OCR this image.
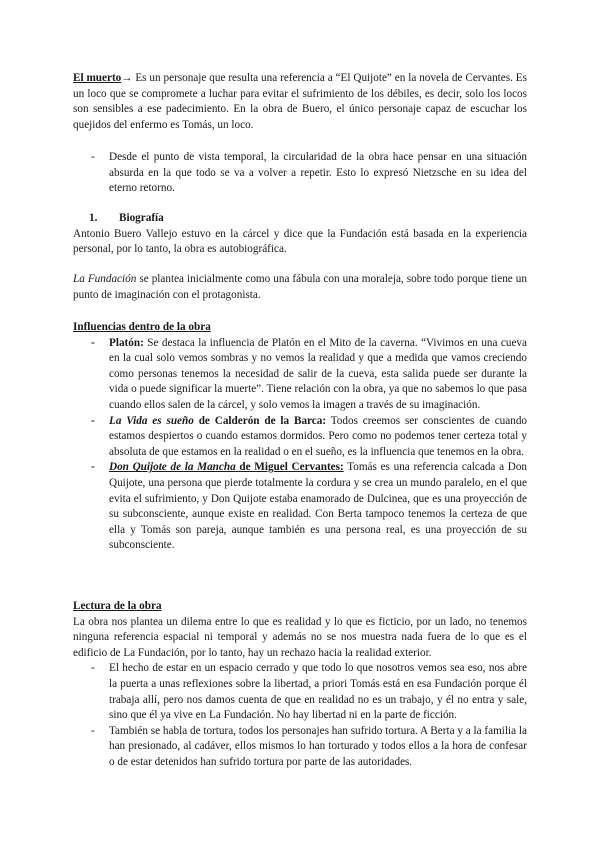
El muerto→ Es un personaje que resulta una referencia a “El Quijote” en la novela de Cervantes. Es un loco que se compromete a luchar para evitar el sufrimiento de los débiles, es decir, solo los locos son sensibles a ese padecimiento. En la obra de Buero, el único personaje capaz de escuchar los quejidos del enfermo es Tomás, un loco.

- Desde el punto de vista temporal, la circularidad de la obra hace pensar en una situación absurda en la que todo se va a volver a repetir. Esto lo expresó Nietzsche en su idea del eterno retorno.

1. Biografía

Antonio Buero Vallejo estuvo en la cárcel y dice que la Fundación está basada en la experiencia personal, por lo tanto, la obra es autobiográfica.

La Fundación se plantea inicialmente como una fábula con una moraleja, sobre todo porque tiene un punto de imaginación con el protagonista.

Influencias dentro de la obra

- Platón: Se destaca la influencia de Platón en el Mito de la caverna. “Vivimos en una cueva en la cual solo vemos sombras y no vemos la realidad y que a medida que vamos creciendo como personas tenemos la necesidad de salir de la cueva, esta salida puede ser durante la vida o puede significar la muerte”. Tiene relación con la obra, ya que no sabemos lo que pasa cuando ellos salen de la cárcel, y solo vemos la imagen a través de su imaginación.
- La Vida es sueño de Calderón de la Barca: Todos creemos ser conscientes de cuando estamos despiertos o cuando estamos dormidos. Pero como no podemos tener certeza total y absoluta de que estamos en la realidad o en el sueño, es la influencia que tenemos en la obra.
- Don Quijote de la Mancha de Miguel Cervantes: Tomás es una referencia calcada a Don Quijote, una persona que pierde totalmente la cordura y se crea un mundo paralelo, en el que evita el sufrimiento, y Don Quijote estaba enamorado de Dulcinea, que es una proyección de su subconsciente, aunque existe en realidad. Con Berta tampoco tenemos la certeza de que ella y Tomás son pareja, aunque también es una persona real, es una proyección de su subconsciente.

Lectura de la obra

La obra nos plantea un dilema entre lo que es realidad y lo que es ficticio, por un lado, no tenemos ninguna referencia espacial ni temporal y además no se nos muestra nada fuera de lo que es el edificio de La Fundación, por lo tanto, hay un rechazo hacia la realidad exterior.

- El hecho de estar en un espacio cerrado y que todo lo que nosotros vemos sea eso, nos abre la puerta a unas reflexiones sobre la libertad, a priori Tomás está en esa Fundación porque él trabaja allí, pero nos damos cuenta de que en realidad no es un trabajo, y él no entra y sale, sino que él ya vive en La Fundación. No hay libertad ni en la parte de ficción.
- También se habla de tortura, todos los personajes han sufrido tortura. A Berta y a la familia la han presionado, al cadáver, ellos mismos lo han torturado y todos ellos a la hora de confesar o de estar detenidos han sufrido tortura por parte de las autoridades.
